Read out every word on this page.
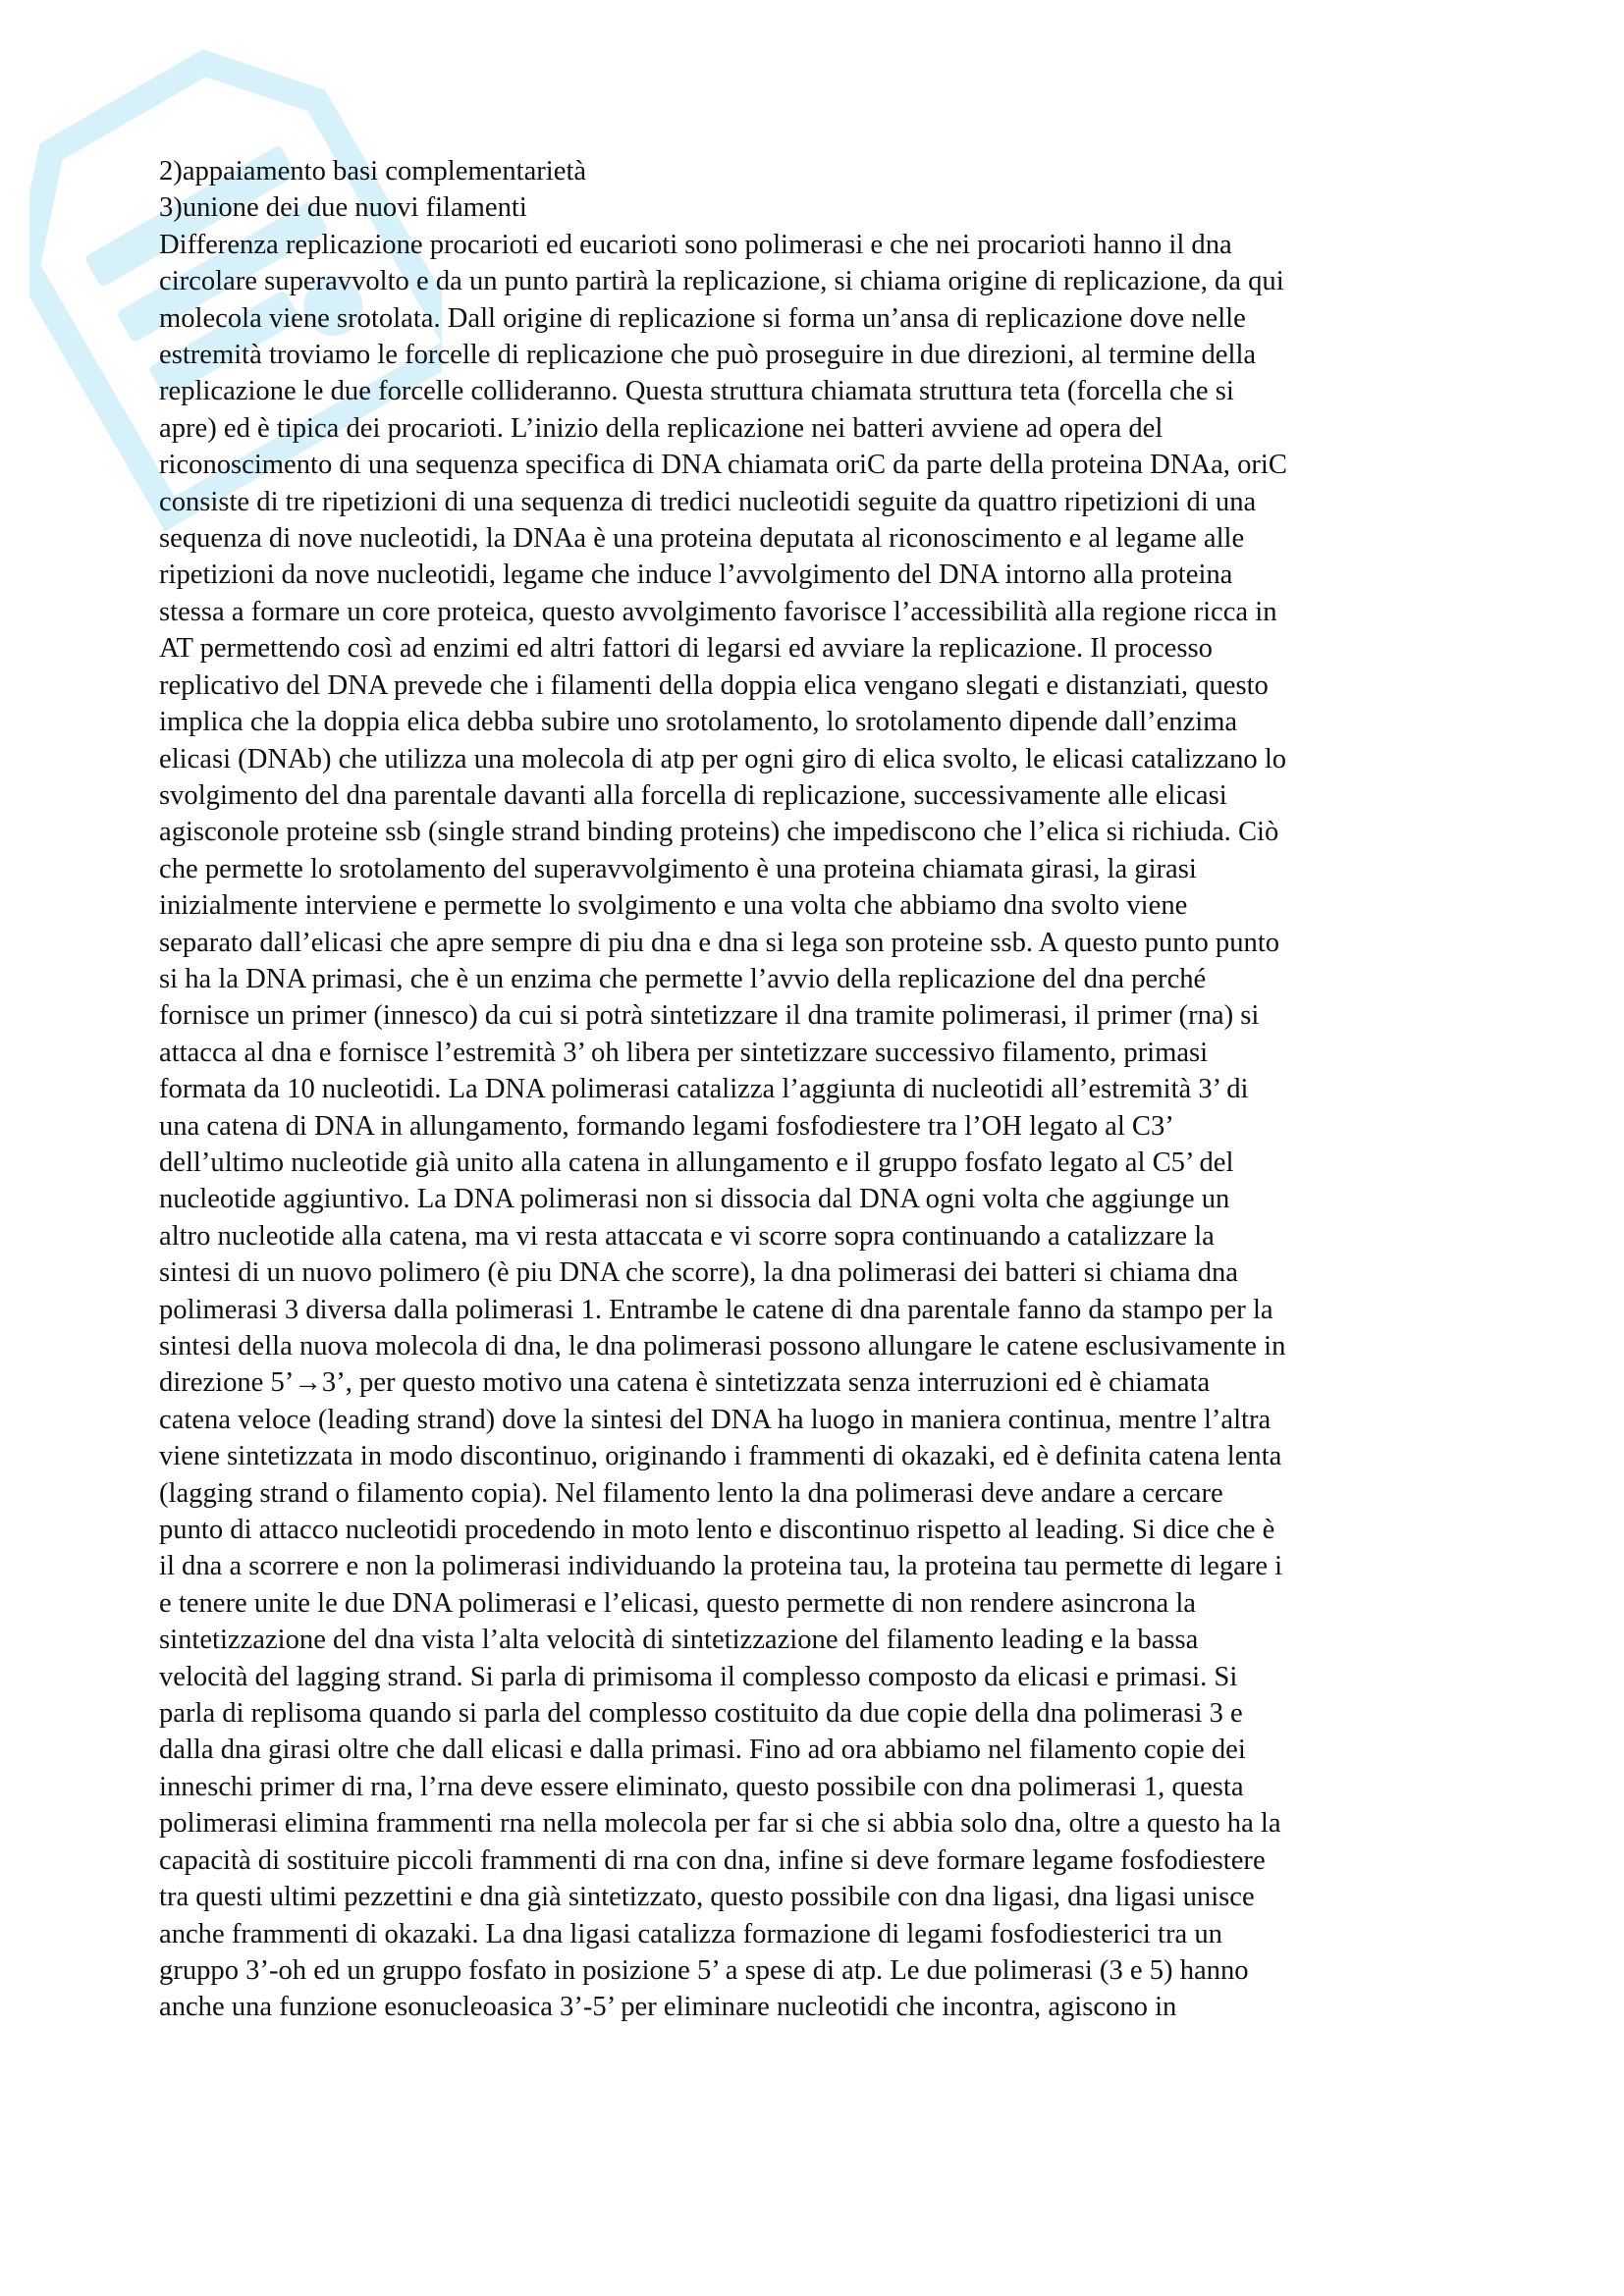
2)appaiamento basi complementarietà
3)unione dei due nuovi filamenti
Differenza replicazione procarioti ed eucarioti sono polimerasi e che nei procarioti hanno il dna
circolare superavvolto e da un punto partirà la replicazione, si chiama origine di replicazione, da qui
molecola viene srotolata. Dall origine di replicazione si forma un’ansa di replicazione dove nelle
estremità troviamo le forcelle di replicazione che può proseguire in due direzioni, al termine della
replicazione le due forcelle collideranno. Questa struttura chiamata struttura teta (forcella che si
apre) ed è tipica dei procarioti. L’inizio della replicazione nei batteri avviene ad opera del
riconoscimento di una sequenza specifica di DNA chiamata oriC da parte della proteina DNAa, oriC
consiste di tre ripetizioni di una sequenza di tredici nucleotidi seguite da quattro ripetizioni di una
sequenza di nove nucleotidi, la DNAa è una proteina deputata al riconoscimento e al legame alle
ripetizioni da nove nucleotidi, legame che induce l’avvolgimento del DNA intorno alla proteina
stessa a formare un core proteica, questo avvolgimento favorisce l’accessibilità alla regione ricca in
AT permettendo così ad enzimi ed altri fattori di legarsi ed avviare la replicazione. Il processo
replicativo del DNA prevede che i filamenti della doppia elica vengano slegati e distanziati, questo
implica che la doppia elica debba subire uno srotolamento, lo srotolamento dipende dall’enzima
elicasi (DNAb) che utilizza una molecola di atp per ogni giro di elica svolto, le elicasi catalizzano lo
svolgimento del dna parentale davanti alla forcella di replicazione, successivamente alle elicasi
agisconole proteine ssb (single strand binding proteins) che impediscono che l’elica si richiuda. Ciò
che permette lo srotolamento del superavvolgimento è una proteina chiamata girasi, la girasi
inizialmente interviene e permette lo svolgimento e una volta che abbiamo dna svolto viene
separato dall’elicasi che apre sempre di piu dna e dna si lega son proteine ssb. A questo punto punto
si ha la DNA primasi, che è un enzima che permette l’avvio della replicazione del dna perché
fornisce un primer (innesco) da cui si potrà sintetizzare il dna tramite polimerasi, il primer (rna) si
attacca al dna e fornisce l’estremità 3’ oh libera per sintetizzare successivo filamento, primasi
formata da 10 nucleotidi. La DNA polimerasi catalizza l’aggiunta di nucleotidi all’estremità 3’ di
una catena di DNA in allungamento, formando legami fosfodiestere tra l’OH legato al C3’
dell’ultimo nucleotide già unito alla catena in allungamento e il gruppo fosfato legato al C5’ del
nucleotide aggiuntivo. La DNA polimerasi non si dissocia dal DNA ogni volta che aggiunge un
altro nucleotide alla catena, ma vi resta attaccata e vi scorre sopra continuando a catalizzare la
sintesi di un nuovo polimero (è piu DNA che scorre), la dna polimerasi dei batteri si chiama dna
polimerasi 3 diversa dalla polimerasi 1. Entrambe le catene di dna parentale fanno da stampo per la
sintesi della nuova molecola di dna, le dna polimerasi possono allungare le catene esclusivamente in
direzione 5’→3’, per questo motivo una catena è sintetizzata senza interruzioni ed è chiamata
catena veloce (leading strand) dove la sintesi del DNA ha luogo in maniera continua, mentre l’altra
viene sintetizzata in modo discontinuo, originando i frammenti di okazaki, ed è definita catena lenta
(lagging strand o filamento copia). Nel filamento lento la dna polimerasi deve andare a cercare
punto di attacco nucleotidi procedendo in moto lento e discontinuo rispetto al leading. Si dice che è
il dna a scorrere e non la polimerasi individuando la proteina tau, la proteina tau permette di legare i
e tenere unite le due DNA polimerasi e l’elicasi, questo permette di non rendere asincrona la
sintetizzazione del dna vista l’alta velocità di sintetizzazione del filamento leading e la bassa
velocità del lagging strand. Si parla di primisoma il complesso composto da elicasi e primasi. Si
parla di replisoma quando si parla del complesso costituito da due copie della dna polimerasi 3 e
dalla dna girasi oltre che dall elicasi e dalla primasi. Fino ad ora abbiamo nel filamento copie dei
inneschi primer di rna, l’rna deve essere eliminato, questo possibile con dna polimerasi 1, questa
polimerasi elimina frammenti rna nella molecola per far si che si abbia solo dna, oltre a questo ha la
capacità di sostituire piccoli frammenti di rna con dna, infine si deve formare legame fosfodiestere
tra questi ultimi pezzettini e dna già sintetizzato, questo possibile con dna ligasi, dna ligasi unisce
anche frammenti di okazaki. La dna ligasi catalizza formazione di legami fosfodiesterici tra un
gruppo 3’-oh ed un gruppo fosfato in posizione 5’ a spese di atp. Le due polimerasi (3 e 5) hanno
anche una funzione esonucleoasica 3’-5’ per eliminare nucleotidi che incontra, agiscono in
